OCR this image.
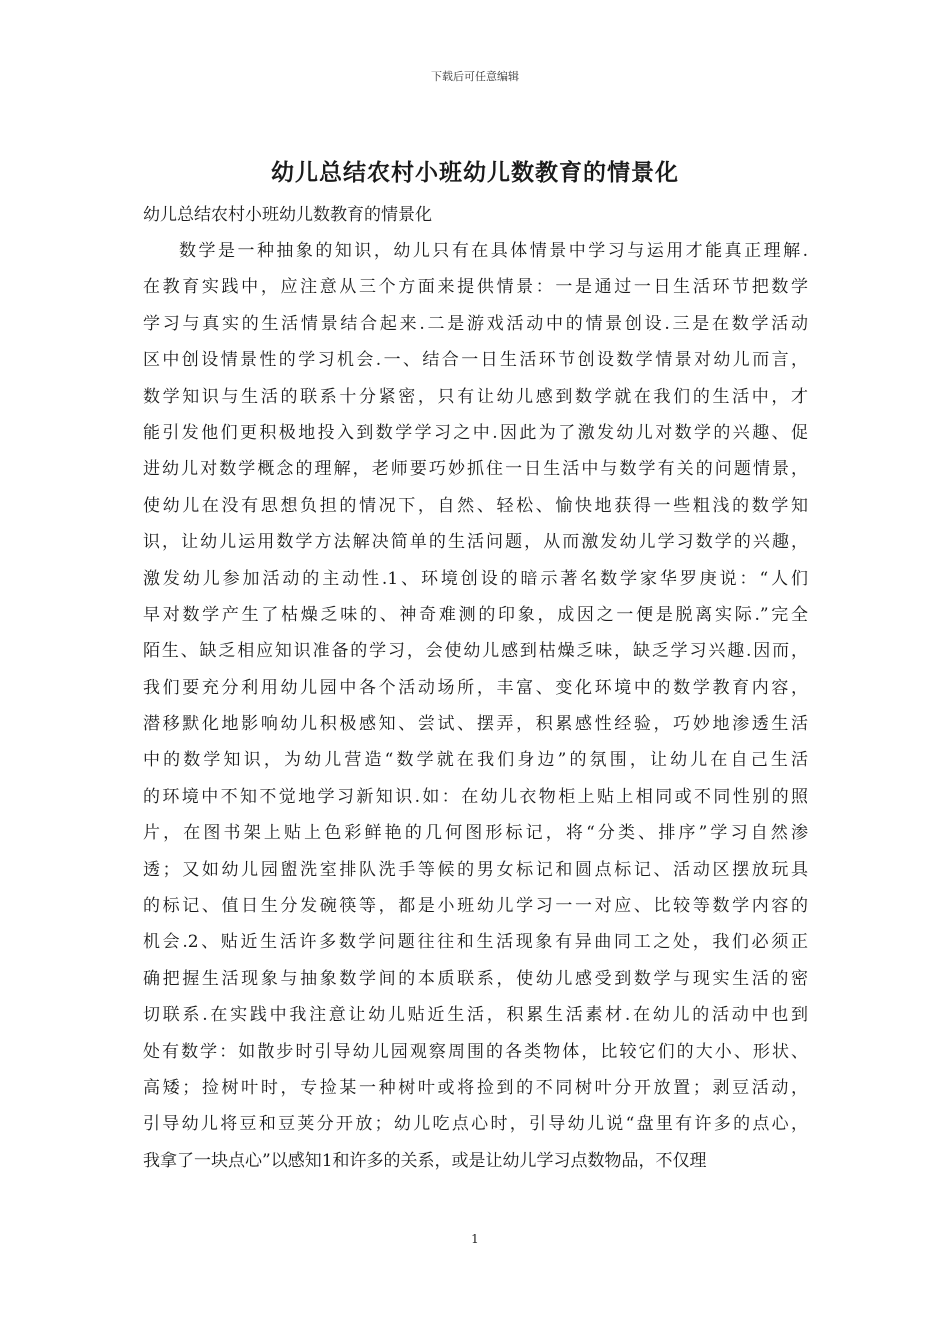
下载后可任意编辑
幼儿总结农村小班幼儿数教育的情景化
幼儿总结农村小班幼儿数教育的情景化
数学是一种抽象的知识，幼儿只有在具体情景中学习与运用才能真正理解.
在教育实践中，应注意从三个方面来提供情景：一是通过一日生活环节把数学
学习与真实的生活情景结合起来.二是游戏活动中的情景创设.三是在数学活动
区中创设情景性的学习机会.一、结合一日生活环节创设数学情景对幼儿而言，
数学知识与生活的联系十分紧密，只有让幼儿感到数学就在我们的生活中，才
能引发他们更积极地投入到数学学习之中.因此为了激发幼儿对数学的兴趣、促
进幼儿对数学概念的理解，老师要巧妙抓住一日生活中与数学有关的问题情景，
使幼儿在没有思想负担的情况下，自然、轻松、愉快地获得一些粗浅的数学知
识，让幼儿运用数学方法解决简单的生活问题，从而激发幼儿学习数学的兴趣，
激发幼儿参加活动的主动性.1、环境创设的暗示著名数学家华罗庚说：“人们
早对数学产生了枯燥乏味的、神奇难测的印象，成因之一便是脱离实际.”完全
陌生、缺乏相应知识准备的学习，会使幼儿感到枯燥乏味，缺乏学习兴趣.因而，
我们要充分利用幼儿园中各个活动场所，丰富、变化环境中的数学教育内容，
潜移默化地影响幼儿积极感知、尝试、摆弄，积累感性经验，巧妙地渗透生活
中的数学知识，为幼儿营造“数学就在我们身边”的氛围，让幼儿在自己生活
的环境中不知不觉地学习新知识.如：在幼儿衣物柜上贴上相同或不同性别的照
片，在图书架上贴上色彩鲜艳的几何图形标记，将“分类、排序”学习自然渗
透；又如幼儿园盥洗室排队洗手等候的男女标记和圆点标记、活动区摆放玩具
的标记、值日生分发碗筷等，都是小班幼儿学习一一对应、比较等数学内容的
机会.2、贴近生活许多数学问题往往和生活现象有异曲同工之处，我们必须正
确把握生活现象与抽象数学间的本质联系，使幼儿感受到数学与现实生活的密
切联系.在实践中我注意让幼儿贴近生活，积累生活素材.在幼儿的活动中也到
处有数学：如散步时引导幼儿园观察周围的各类物体，比较它们的大小、形状、
高矮；捡树叶时，专捡某一种树叶或将捡到的不同树叶分开放置；剥豆活动，
引导幼儿将豆和豆荚分开放；幼儿吃点心时，引导幼儿说“盘里有许多的点心，
我拿了一块点心”以感知1和许多的关系，或是让幼儿学习点数物品，不仅理
1
